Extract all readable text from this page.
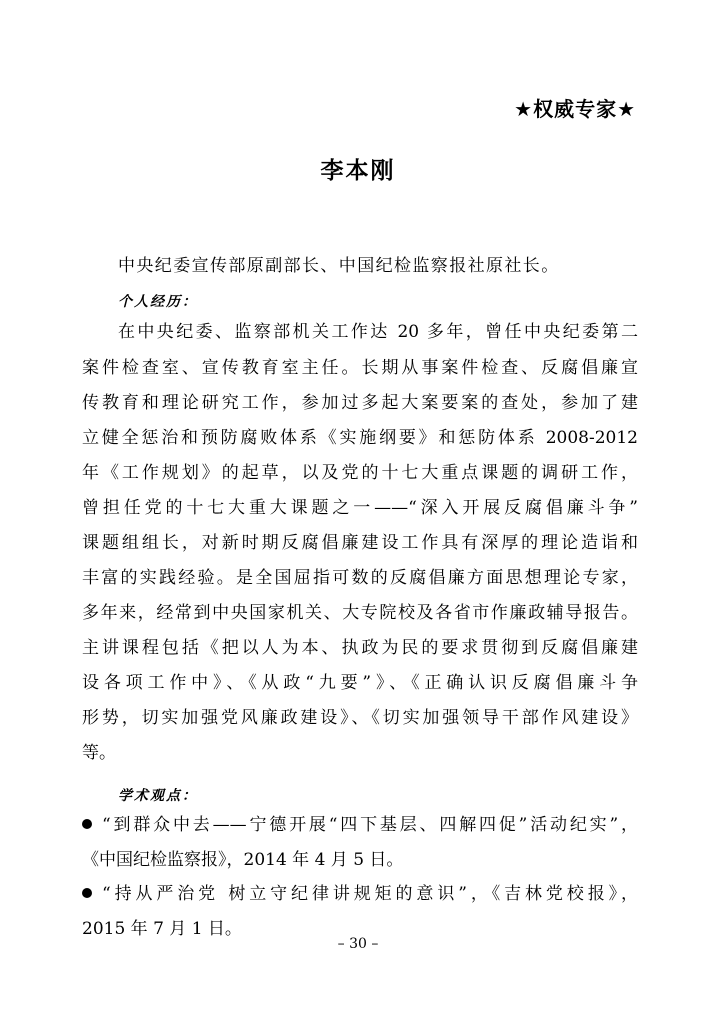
★权威专家★
李本刚
中央纪委宣传部原副部长、中国纪检监察报社原社长。
个人经历：
在中央纪委、监察部机关工作达 20 多年，曾任中央纪委第二
案件检查室、宣传教育室主任。长期从事案件检查、反腐倡廉宣
传教育和理论研究工作，参加过多起大案要案的查处，参加了建
立健全惩治和预防腐败体系《实施纲要》和惩防体系 2008-2012
年《工作规划》的起草，以及党的十七大重点课题的调研工作，
曾担任党的十七大重大课题之一——“深入开展反腐倡廉斗争”
课题组组长，对新时期反腐倡廉建设工作具有深厚的理论造诣和
丰富的实践经验。是全国屈指可数的反腐倡廉方面思想理论专家，
多年来，经常到中央国家机关、大专院校及各省市作廉政辅导报告。
主讲课程包括《把以人为本、执政为民的要求贯彻到反腐倡廉建
设各项工作中》、《从政“九要”》、《正确认识反腐倡廉斗争
形势，切实加强党风廉政建设》、《切实加强领导干部作风建设》
等。
学术观点：
“到群众中去——宁德开展“四下基层、四解四促”活动纪实”，
《中国纪检监察报》，2014 年 4 月 5 日。
“持从严治党 树立守纪律讲规矩的意识”，《吉林党校报》，
2015 年 7 月 1 日。
– 30 –
